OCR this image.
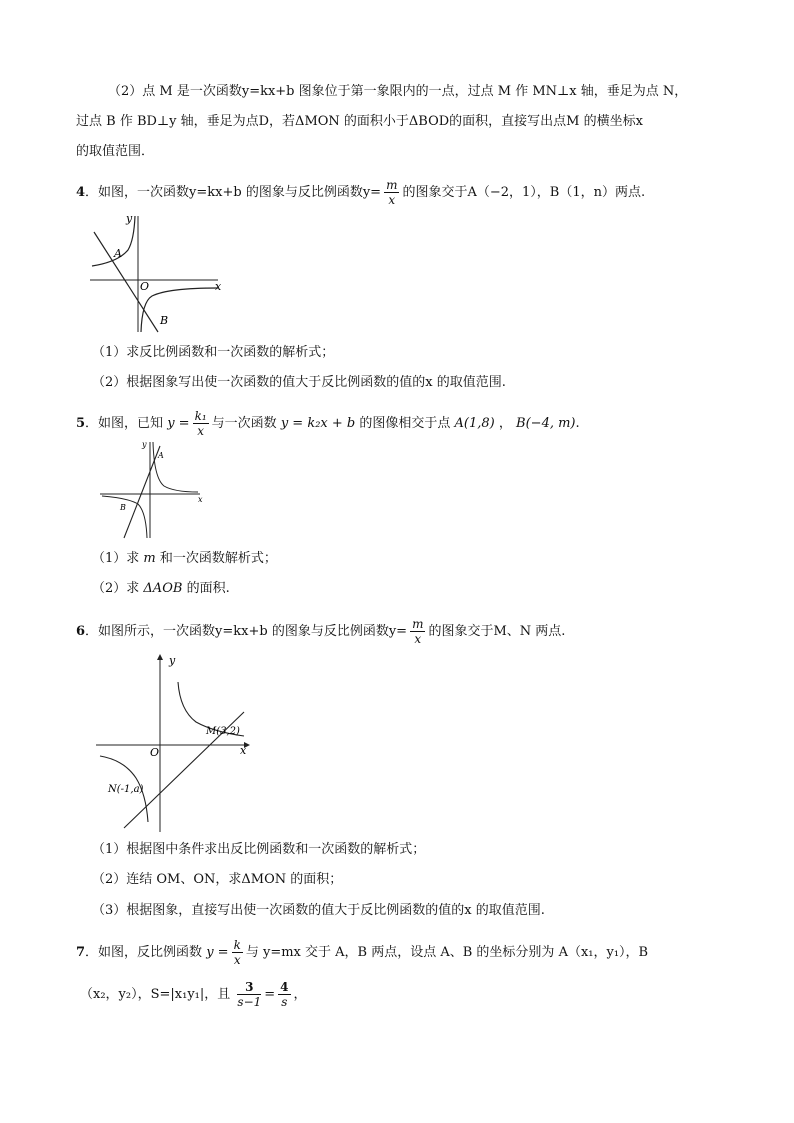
（2）点 M 是一次函数y=kx+b 图象位于第一象限内的一点，过点 M 作 MN⊥x 轴，垂足为点 N，
过点 B 作 BD⊥y 轴，垂足为点D，若ΔMON 的面积小于ΔBOD的面积，直接写出点M 的横坐标x
的取值范围．
4．如图，一次函数y=kx+b 的图象与反比例函数$y= \frac{m}{x}$ 的图象交于A（−2，1），B（1，n）两点.
y
x
O
A
B
（1）求反比例函数和一次函数的解析式；
（2）根据图象写出使一次函数的值大于反比例函数的值的x 的取值范围.
5．如图，已知 $y = \frac{\text{k₁}}{x}$ 与一次函数 y = k₂x + b 的图像相交于点 A(1,8) ， B(−4, m).
y
x
A
B
（1）求 m 和一次函数解析式；
（2）求 ΔAOB 的面积.
6．如图所示，一次函数y=kx+b 的图象与反比例函数$y= \frac{m}{x}$ 的图象交于M、N 两点.
y
x
O
M(3,2)
N(-1,a)
（1）根据图中条件求出反比例函数和一次函数的解析式；
（2）连结 OM、ON，求ΔMON 的面积；
（3）根据图象，直接写出使一次函数的值大于反比例函数的值的x 的取值范围.
7．如图，反比例函数 $y = \frac{k}{x}$ 与 y=mx 交于 A，B 两点，设点 A、B 的坐标分别为 A（x₁，y₁），B
（x₂，y₂），S=|x₁y₁|，且 $\frac{3}{s-1} = \frac{4}{s}$ ，
